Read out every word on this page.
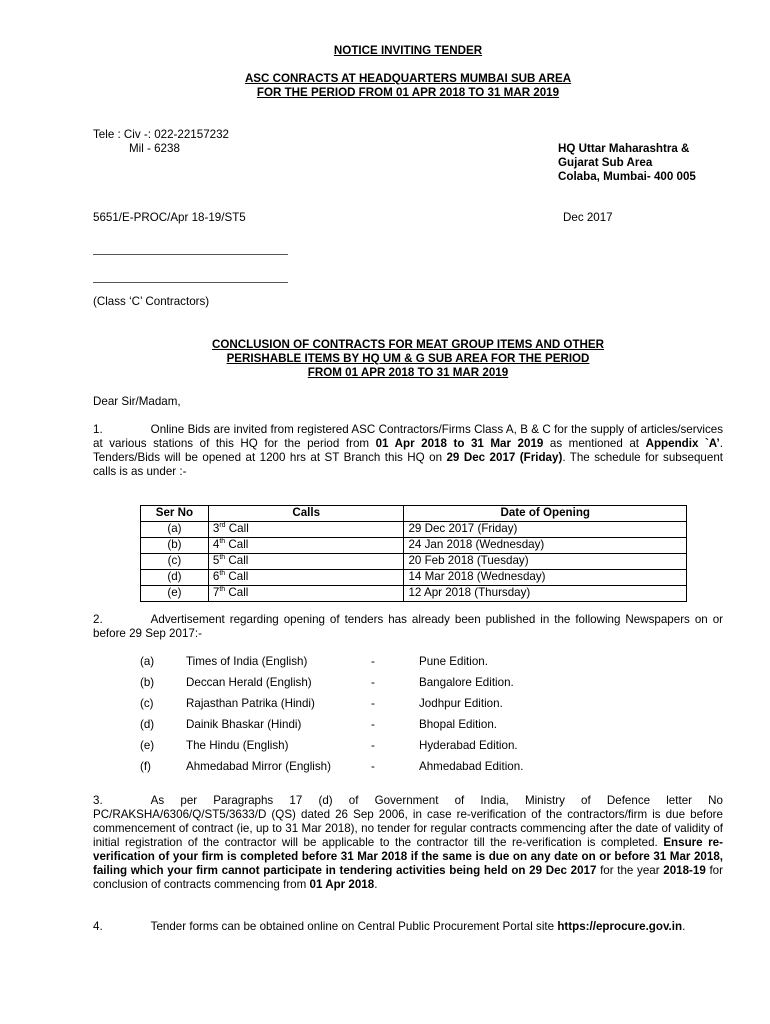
NOTICE INVITING TENDER
ASC CONRACTS AT HEADQUARTERS MUMBAI SUB AREA
FOR THE PERIOD FROM 01 APR 2018 TO 31 MAR 2019
Tele : Civ -: 022-22157232
Mil - 6238	HQ Uttar Maharashtra &
Gujarat Sub Area
Colaba, Mumbai- 400 005
5651/E-PROC/Apr 18-19/ST5	Dec 2017
(Class ‘C’ Contractors)
CONCLUSION OF CONTRACTS FOR MEAT GROUP ITEMS AND OTHER
PERISHABLE ITEMS BY HQ UM & G SUB AREA FOR THE PERIOD
FROM 01 APR 2018 TO 31 MAR 2019
Dear Sir/Madam,
1.	Online Bids are invited from registered ASC Contractors/Firms Class A, B & C for the supply of articles/services at various stations of this HQ for the period from 01 Apr 2018 to 31 Mar 2019 as mentioned at Appendix `A’. Tenders/Bids will be opened at 1200 hrs at ST Branch this HQ on 29 Dec 2017 (Friday). The schedule for subsequent calls is as under :-
Ser No	Calls	Date of Opening
(a)	3rd Call	29 Dec 2017 (Friday)
(b)	4th Call	24 Jan 2018 (Wednesday)
(c)	5th Call	20 Feb 2018 (Tuesday)
(d)	6th Call	14 Mar 2018 (Wednesday)
(e)	7th Call	12 Apr 2018 (Thursday)
2.	Advertisement regarding opening of tenders has already been published in the following Newspapers on or before 29 Sep 2017:-
(a)	Times of India (English)	-	Pune Edition.
(b)	Deccan Herald (English)	-	Bangalore Edition.
(c)	Rajasthan Patrika (Hindi)	-	Jodhpur Edition.
(d)	Dainik Bhaskar (Hindi)	-	Bhopal Edition.
(e)	The Hindu (English)	-	Hyderabad Edition.
(f)	Ahmedabad Mirror (English)	-	Ahmedabad Edition.
3.	As per Paragraphs 17 (d) of Government of India, Ministry of Defence letter No PC/RAKSHA/6306/Q/ST5/3633/D (QS) dated 26 Sep 2006, in case re-verification of the contractors/firm is due before commencement of contract (ie, up to 31 Mar 2018), no tender for regular contracts commencing after the date of validity of initial registration of the contractor will be applicable to the contractor till the re-verification is completed. Ensure re-verification of your firm is completed before 31 Mar 2018 if the same is due on any date on or before 31 Mar 2018, failing which your firm cannot participate in tendering activities being held on 29 Dec 2017 for the year 2018-19 for conclusion of contracts commencing from 01 Apr 2018.
4.	Tender forms can be obtained online on Central Public Procurement Portal site https://eprocure.gov.in.
